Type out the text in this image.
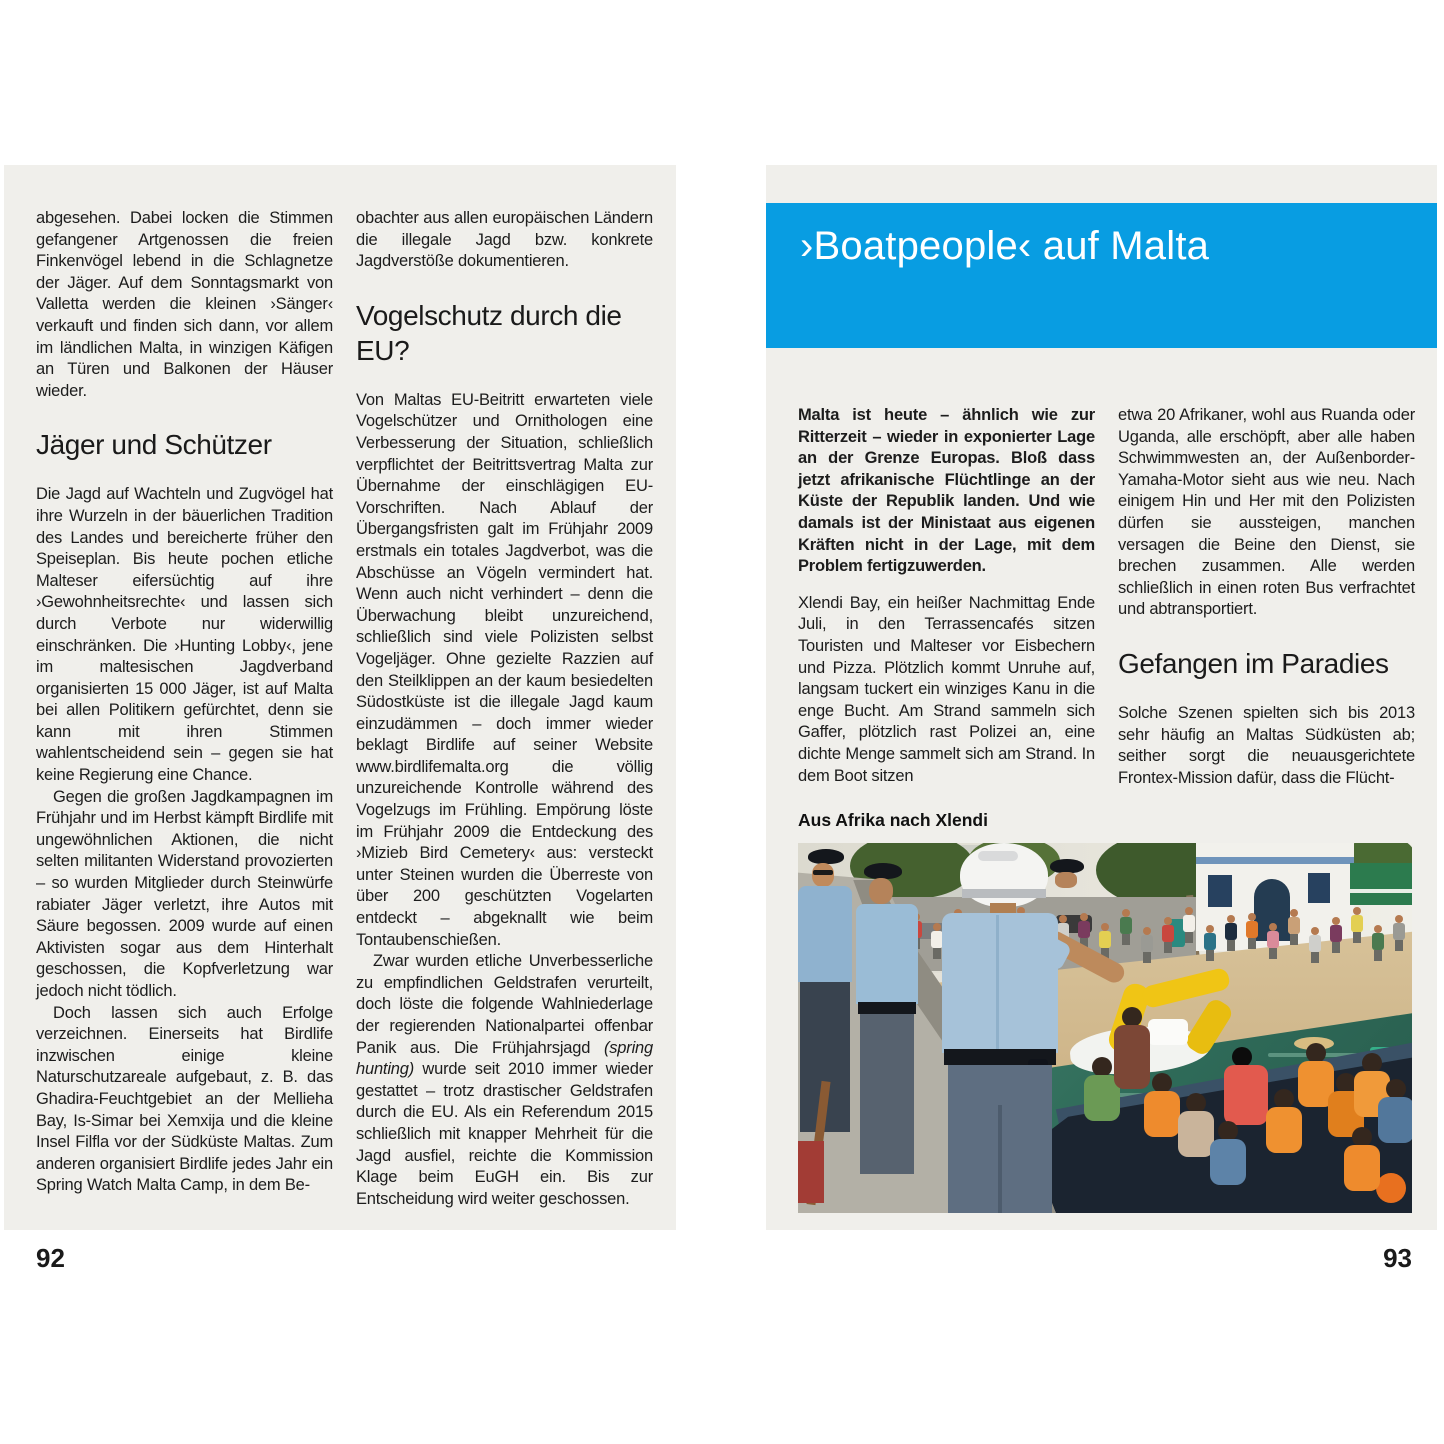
abgesehen. Dabei locken die Stimmen gefangener Artgenossen die freien Finkenvögel lebend in die Schlagnetze der Jäger. Auf dem Sonntagsmarkt von Valletta werden die kleinen ›Sänger‹ verkauft und finden sich dann, vor allem im ländlichen Malta, in winzigen Käfigen an Türen und Balkonen der Häuser wieder.

Jäger und Schützer

Die Jagd auf Wachteln und Zugvögel hat ihre Wurzeln in der bäuerlichen Tradition des Landes und bereicherte früher den Speiseplan. Bis heute pochen etliche Malteser eifersüchtig auf ihre ›Gewohnheitsrechte‹ und lassen sich durch Verbote nur widerwillig einschränken. Die ›Hunting Lobby‹, jene im maltesischen Jagdverband organisierten 15 000 Jäger, ist auf Malta bei allen Politikern gefürchtet, denn sie kann mit ihren Stimmen wahlentscheidend sein – gegen sie hat keine Regierung eine Chance.

Gegen die großen Jagdkampagnen im Frühjahr und im Herbst kämpft Birdlife mit ungewöhnlichen Aktionen, die nicht selten militanten Widerstand provozierten – so wurden Mitglieder durch Steinwürfe rabiater Jäger verletzt, ihre Autos mit Säure begossen. 2009 wurde auf einen Aktivisten sogar aus dem Hinterhalt geschossen, die Kopfverletzung war jedoch nicht tödlich.

Doch lassen sich auch Erfolge verzeichnen. Einerseits hat Birdlife inzwischen einige kleine Naturschutzareale aufgebaut, z. B. das Ghadira-Feuchtgebiet an der Mellieha Bay, Is-Simar bei Xemxija und die kleine Insel Filfla vor der Südküste Maltas. Zum anderen organisiert Birdlife jedes Jahr ein Spring Watch Malta Camp, in dem Be-

obachter aus allen europäischen Ländern die illegale Jagd bzw. konkrete Jagdverstöße dokumentieren.

Vogelschutz durch die EU?

Von Maltas EU-Beitritt erwarteten viele Vogelschützer und Ornithologen eine Verbesserung der Situation, schließlich verpflichtet der Beitrittsvertrag Malta zur Übernahme der einschlägigen EU-Vorschriften. Nach Ablauf der Übergangsfristen galt im Frühjahr 2009 erstmals ein totales Jagdverbot, was die Abschüsse an Vögeln vermindert hat. Wenn auch nicht verhindert – denn die Überwachung bleibt unzureichend, schließlich sind viele Polizisten selbst Vogeljäger. Ohne gezielte Razzien auf den Steilklippen an der kaum besiedelten Südostküste ist die illegale Jagd kaum einzudämmen – doch immer wieder beklagt Birdlife auf seiner Website www.birdlifemalta.org die völlig unzureichende Kontrolle während des Vogelzugs im Frühling. Empörung löste im Frühjahr 2009 die Entdeckung des ›Mizieb Bird Cemetery‹ aus: versteckt unter Steinen wurden die Überreste von über 200 geschützten Vogelarten entdeckt – abgeknallt wie beim Tontaubenschießen.

Zwar wurden etliche Unverbesserliche zu empfindlichen Geldstrafen verurteilt, doch löste die folgende Wahlniederlage der regierenden Nationalpartei offenbar Panik aus. Die Frühjahrsjagd (spring hunting) wurde seit 2010 immer wieder gestattet – trotz drastischer Geldstrafen durch die EU. Als ein Referendum 2015 schließlich mit knapper Mehrheit für die Jagd ausfiel, reichte die Kommission Klage beim EuGH ein. Bis zur Entscheidung wird weiter geschossen.

›Boatpeople‹ auf Malta

Malta ist heute – ähnlich wie zur Ritterzeit – wieder in exponierter Lage an der Grenze Europas. Bloß dass jetzt afrikanische Flüchtlinge an der Küste der Republik landen. Und wie damals ist der Ministaat aus eigenen Kräften nicht in der Lage, mit dem Problem fertigzuwerden.

Xlendi Bay, ein heißer Nachmittag Ende Juli, in den Terrassencafés sitzen Touristen und Malteser vor Eisbechern und Pizza. Plötzlich kommt Unruhe auf, langsam tuckert ein winziges Kanu in die enge Bucht. Am Strand sammeln sich Gaffer, plötzlich rast Polizei an, eine dichte Menge sammelt sich am Strand. In dem Boot sitzen

etwa 20 Afrikaner, wohl aus Ruanda oder Uganda, alle erschöpft, aber alle haben Schwimmwesten an, der Außenborder-Yamaha-Motor sieht aus wie neu. Nach einigem Hin und Her mit den Polizisten dürfen sie aussteigen, manchen versagen die Beine den Dienst, sie brechen zusammen. Alle werden schließlich in einen roten Bus verfrachtet und abtransportiert.

Gefangen im Paradies

Solche Szenen spielten sich bis 2013 sehr häufig an Maltas Südküsten ab; seither sorgt die neuausgerichtete Frontex-Mission dafür, dass die Flücht-

Aus Afrika nach Xlendi
92	93
